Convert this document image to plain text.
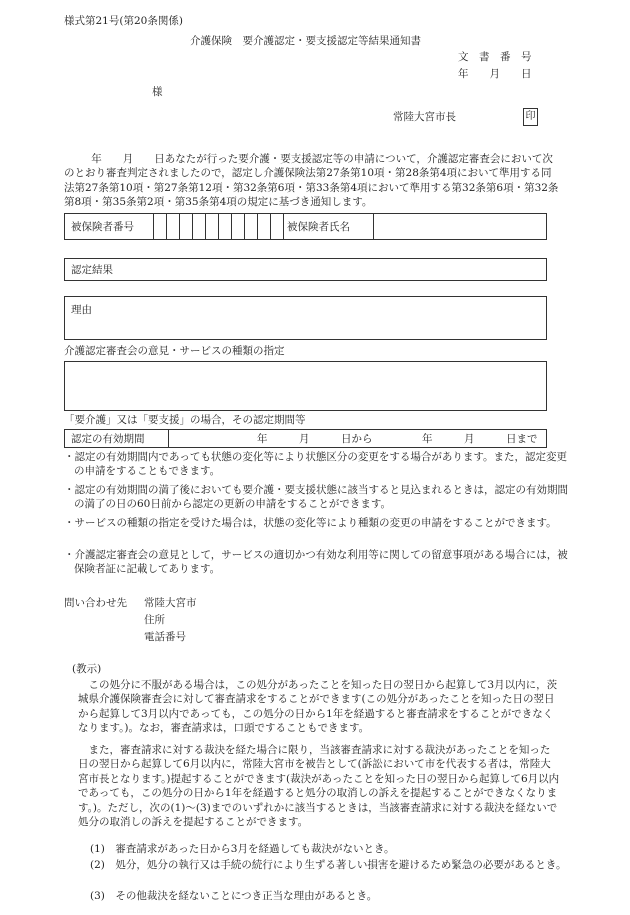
様式第21号(第20条関係)
介護保険　要介護認定・要支援認定等結果通知書
文　書　番　号
年　　月　　日
様
常陸大宮市長	印
年　　月　　日あなたが行った要介護・要支援認定等の申請について，介護認定審査会において次のとおり審査判定されましたので，認定し介護保険法第27条第10項・第28条第4項において準用する同法第27条第10項・第27条第12項・第32条第6項・第33条第4項において準用する第32条第6項・第32条第8項・第35条第2項・第35条第4項の規定に基づき通知します。
被保険者番号	被保険者氏名
認定結果
理由
介護認定審査会の意見・サービスの種類の指定
「要介護」又は「要支援」の場合，その認定期間等
認定の有効期間	年　　　月　　　日から	年　　　月　　　日まで
・認定の有効期間内であっても状態の変化等により状態区分の変更をする場合があります。また，認定変更の申請をすることもできます。
・認定の有効期間の満了後においても要介護・要支援状態に該当すると見込まれるときは，認定の有効期間の満了の日の60日前から認定の更新の申請をすることができます。
・サービスの種類の指定を受けた場合は，状態の変化等により種類の変更の申請をすることができます。
・介護認定審査会の意見として，サービスの適切かつ有効な利用等に関しての留意事項がある場合には，被保険者証に記載してあります。
問い合わせ先 常陸大宮市
住所
電話番号
(教示)
この処分に不服がある場合は，この処分があったことを知った日の翌日から起算して3月以内に，茨城県介護保険審査会に対して審査請求をすることができます(この処分があったことを知った日の翌日から起算して3月以内であっても，この処分の日から1年を経過すると審査請求をすることができなくなります。)。なお，審査請求は，口頭ですることもできます。
また，審査請求に対する裁決を経た場合に限り，当該審査請求に対する裁決があったことを知った日の翌日から起算して6月以内に，常陸大宮市を被告として(訴訟において市を代表する者は，常陸大宮市長となります。)提起することができます(裁決があったことを知った日の翌日から起算して6月以内であっても，この処分の日から1年を経過すると処分の取消しの訴えを提起することができなくなります。)。ただし，次の(1)～(3)までのいずれかに該当するときは，当該審査請求に対する裁決を経ないで処分の取消しの訴えを提起することができます。
(1)　審査請求があった日から3月を経過しても裁決がないとき。
(2)　処分，処分の執行又は手続の続行により生ずる著しい損害を避けるため緊急の必要があるとき。
(3)　その他裁決を経ないことにつき正当な理由があるとき。
